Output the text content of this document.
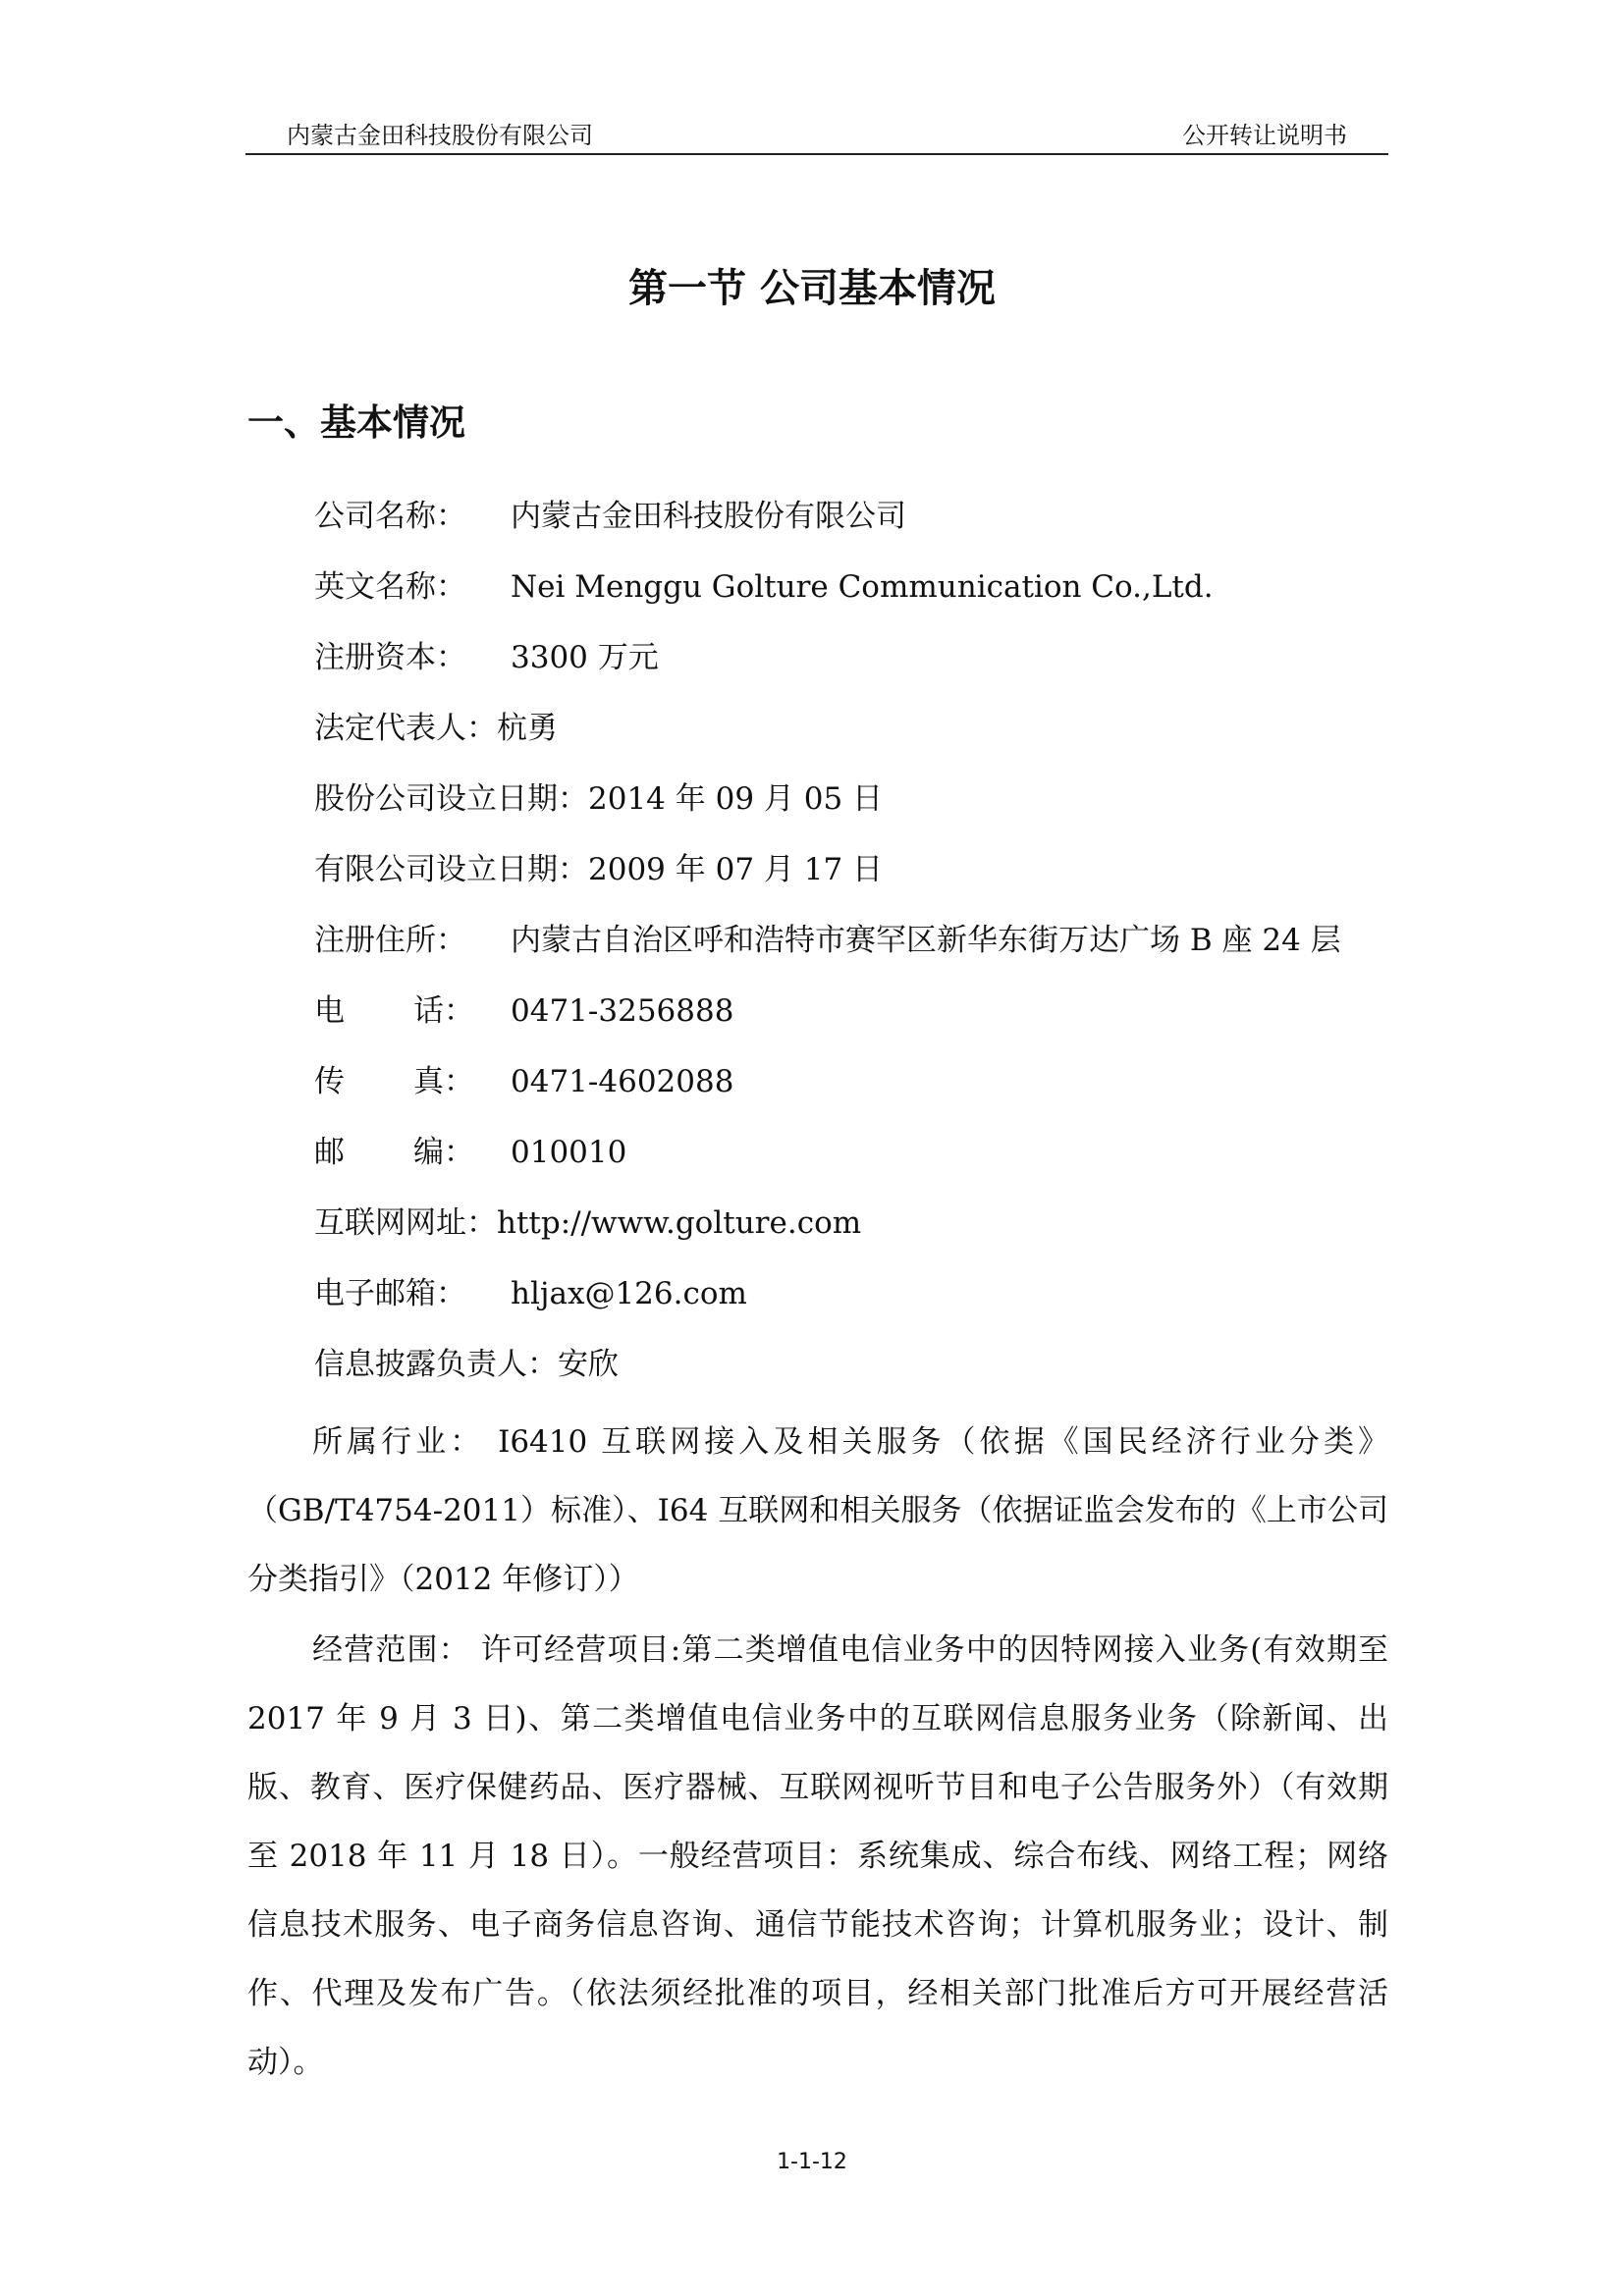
内蒙古金田科技股份有限公司	公开转让说明书
第一节 公司基本情况
一、基本情况
公司名称： 内蒙古金田科技股份有限公司
英文名称： Nei Menggu Golture Communication Co.,Ltd.
注册资本： 3300 万元
法定代表人：杭勇
股份公司设立日期：2014 年 09 月 05 日
有限公司设立日期：2009 年 07 月 17 日
注册住所： 内蒙古自治区呼和浩特市赛罕区新华东街万达广场 B 座 24 层
电 话： 0471-3256888
传 真： 0471-4602088
邮 编： 010010
互联网网址：http://www.golture.com
电子邮箱： hljax@126.com
信息披露负责人：安欣
所属行业： I6410 互联网接入及相关服务（依据《国民经济行业分类》（GB/T4754-2011）标准）、I64 互联网和相关服务（依据证监会发布的《上市公司分类指引》（2012 年修订））
经营范围： 许可经营项目:第二类增值电信业务中的因特网接入业务(有效期至 2017 年 9 月 3 日)、第二类增值电信业务中的互联网信息服务业务（除新闻、出版、教育、医疗保健药品、医疗器械、互联网视听节目和电子公告服务外）（有效期至 2018 年 11 月 18 日）。一般经营项目：系统集成、综合布线、网络工程；网络信息技术服务、电子商务信息咨询、通信节能技术咨询；计算机服务业；设计、制作、代理及发布广告。（依法须经批准的项目，经相关部门批准后方可开展经营活动）。
1-1-12
